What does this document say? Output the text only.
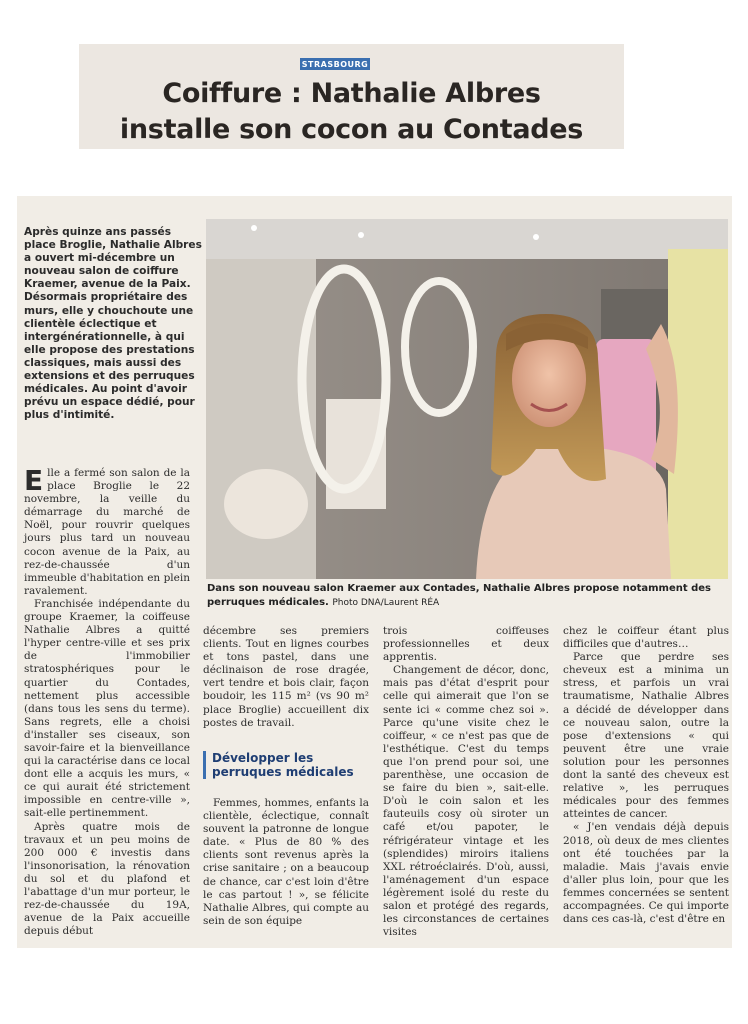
STRASBOURG
Coiffure : Nathalie Albres
installe son cocon au Contades
Après quinze ans passés place Broglie, Nathalie Albres a ouvert mi-décembre un nouveau salon de coiffure Kraemer, avenue de la Paix. Désormais propriétaire des murs, elle y chouchoute une clientèle éclectique et intergénérationnelle, à qui elle propose des prestations classiques, mais aussi des extensions et des perruques médicales. Au point d'avoir prévu un espace dédié, pour plus d'intimité.
Dans son nouveau salon Kraemer aux Contades, Nathalie Albres propose notamment des perruques médicales. Photo DNA/Laurent RÉA

Elle a fermé son salon de la place Broglie le 22 novembre, la veille du démarrage du marché de Noël, pour rouvrir quelques jours plus tard un nouveau cocon avenue de la Paix, au rez-de-chaussée d'un immeuble d'habitation en plein ravalement.

Franchisée indépendante du groupe Kraemer, la coiffeuse Nathalie Albres a quitté l'hyper centre-ville et ses prix de l'immobilier stratosphériques pour le quartier du Contades, nettement plus accessible (dans tous les sens du terme). Sans regrets, elle a choisi d'installer ses ciseaux, son savoir-faire et la bienveillance qui la caractérise dans ce local dont elle a acquis les murs, « ce qui aurait été strictement impossible en centre-ville », sait-elle pertinemment.

Après quatre mois de travaux et un peu moins de 200 000 € investis dans l'insonorisation, la rénovation du sol et du plafond et l'abattage d'un mur porteur, le rez-de-chaussée du 19A, avenue de la Paix accueille depuis début

décembre ses premiers clients. Tout en lignes courbes et tons pastel, dans une déclinaison de rose dragée, vert tendre et bois clair, façon boudoir, les 115 m² (vs 90 m² place Broglie) accueillent dix postes de travail.

Développer les perruques médicales

Femmes, hommes, enfants la clientèle, éclectique, connaît souvent la patronne de longue date. « Plus de 80 % des clients sont revenus après la crise sanitaire ; on a beaucoup de chance, car c'est loin d'être le cas partout ! », se félicite Nathalie Albres, qui compte au sein de son équipe

trois coiffeuses professionnelles et deux apprentis.

Changement de décor, donc, mais pas d'état d'esprit pour celle qui aimerait que l'on se sente ici « comme chez soi ». Parce qu'une visite chez le coiffeur, « ce n'est pas que de l'esthétique. C'est du temps que l'on prend pour soi, une parenthèse, une occasion de se faire du bien », sait-elle. D'où le coin salon et les fauteuils cosy où siroter un café et/ou papoter, le réfrigérateur vintage et les (splendides) miroirs italiens XXL rétroéclairés. D'où, aussi, l'aménagement d'un espace légèrement isolé du reste du salon et protégé des regards, les circonstances de certaines visites

chez le coiffeur étant plus difficiles que d'autres…

Parce que perdre ses cheveux est a minima un stress, et parfois un vrai traumatisme, Nathalie Albres a décidé de développer dans ce nouveau salon, outre la pose d'extensions « qui peuvent être une vraie solution pour les personnes dont la santé des cheveux est relative », les perruques médicales pour des femmes atteintes de cancer.

« J'en vendais déjà depuis 2018, où deux de mes clientes ont été touchées par la maladie. Mais j'avais envie d'aller plus loin, pour que les femmes concernées se sentent accompagnées. Ce qui importe dans ces cas-là, c'est d'être en
